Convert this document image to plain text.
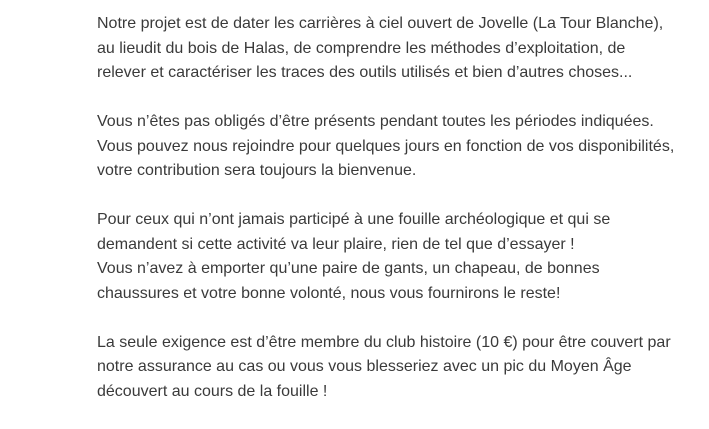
Notre projet est de dater les carrières à ciel ouvert de Jovelle (La Tour Blanche),
au lieudit du bois de Halas, de comprendre les méthodes d’exploitation, de
relever et caractériser les traces des outils utilisés et bien d’autres choses...

Vous n’êtes pas obligés d’être présents pendant toutes les périodes indiquées.
Vous pouvez nous rejoindre pour quelques jours en fonction de vos disponibilités,
votre contribution sera toujours la bienvenue.

Pour ceux qui n’ont jamais participé à une fouille archéologique et qui se
demandent si cette activité va leur plaire, rien de tel que d’essayer !
Vous n’avez à emporter qu’une paire de gants, un chapeau, de bonnes
chaussures et votre bonne volonté, nous vous fournirons le reste!

La seule exigence est d’être membre du club histoire (10 €) pour être couvert par
notre assurance au cas ou vous vous blesseriez avec un pic du Moyen Âge
découvert au cours de la fouille !
